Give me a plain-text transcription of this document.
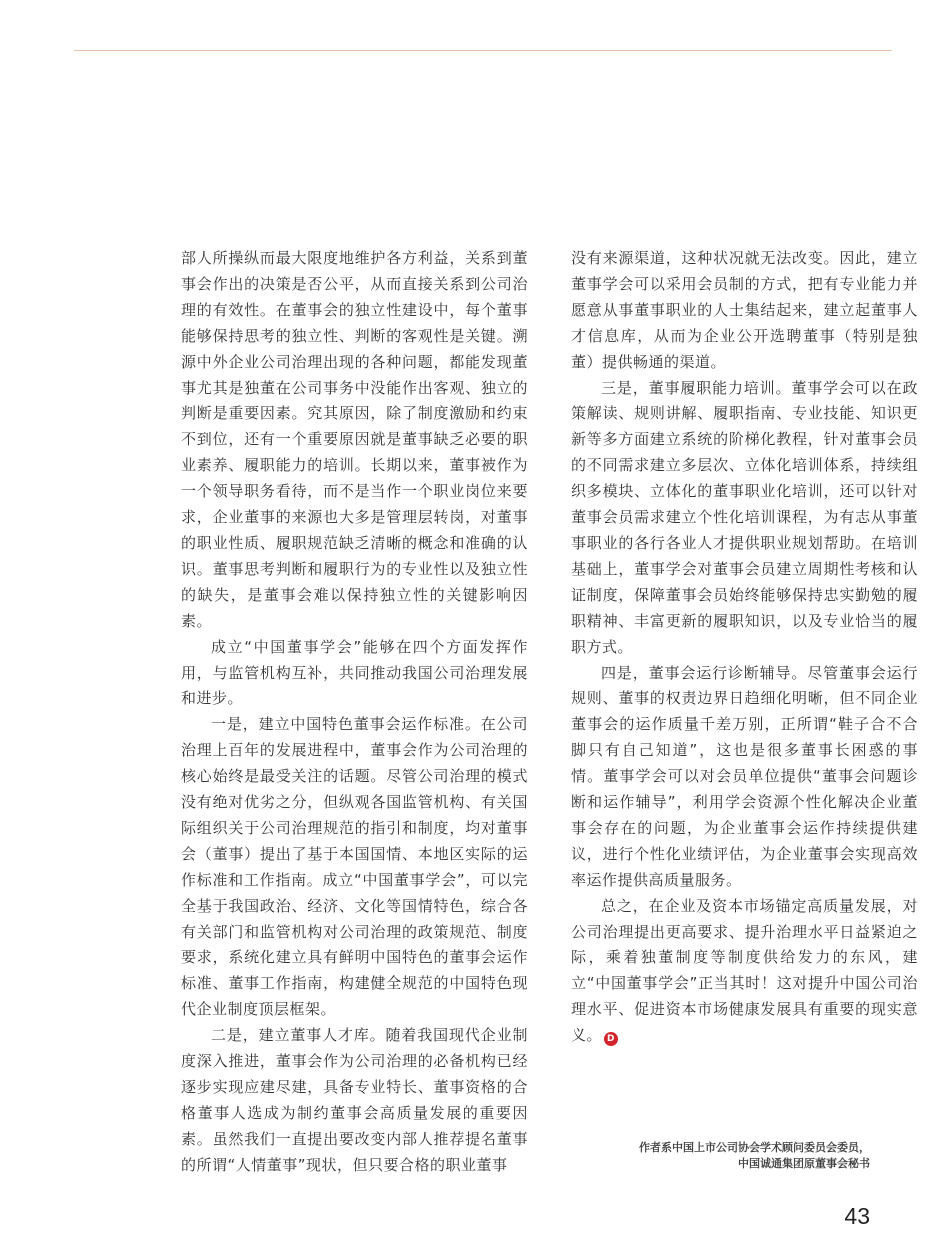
部人所操纵而最大限度地维护各方利益，关系到董事会作出的决策是否公平，从而直接关系到公司治理的有效性。在董事会的独立性建设中，每个董事能够保持思考的独立性、判断的客观性是关键。溯源中外企业公司治理出现的各种问题，都能发现董事尤其是独董在公司事务中没能作出客观、独立的判断是重要因素。究其原因，除了制度激励和约束不到位，还有一个重要原因就是董事缺乏必要的职业素养、履职能力的培训。长期以来，董事被作为一个领导职务看待，而不是当作一个职业岗位来要求，企业董事的来源也大多是管理层转岗，对董事的职业性质、履职规范缺乏清晰的概念和准确的认识。董事思考判断和履职行为的专业性以及独立性的缺失，是董事会难以保持独立性的关键影响因素。

成立“中国董事学会”能够在四个方面发挥作用，与监管机构互补，共同推动我国公司治理发展和进步。

一是，建立中国特色董事会运作标准。在公司治理上百年的发展进程中，董事会作为公司治理的核心始终是最受关注的话题。尽管公司治理的模式没有绝对优劣之分，但纵观各国监管机构、有关国际组织关于公司治理规范的指引和制度，均对董事会（董事）提出了基于本国国情、本地区实际的运作标准和工作指南。成立“中国董事学会”，可以完全基于我国政治、经济、文化等国情特色，综合各有关部门和监管机构对公司治理的政策规范、制度要求，系统化建立具有鲜明中国特色的董事会运作标准、董事工作指南，构建健全规范的中国特色现代企业制度顶层框架。

二是，建立董事人才库。随着我国现代企业制度深入推进，董事会作为公司治理的必备机构已经逐步实现应建尽建，具备专业特长、董事资格的合格董事人选成为制约董事会高质量发展的重要因素。虽然我们一直提出要改变内部人推荐提名董事的所谓“人情董事”现状，但只要合格的职业董事

没有来源渠道，这种状况就无法改变。因此，建立董事学会可以采用会员制的方式，把有专业能力并愿意从事董事职业的人士集结起来，建立起董事人才信息库，从而为企业公开选聘董事（特别是独董）提供畅通的渠道。

三是，董事履职能力培训。董事学会可以在政策解读、规则讲解、履职指南、专业技能、知识更新等多方面建立系统的阶梯化教程，针对董事会员的不同需求建立多层次、立体化培训体系，持续组织多模块、立体化的董事职业化培训，还可以针对董事会员需求建立个性化培训课程，为有志从事董事职业的各行各业人才提供职业规划帮助。在培训基础上，董事学会对董事会员建立周期性考核和认证制度，保障董事会员始终能够保持忠实勤勉的履职精神、丰富更新的履职知识，以及专业恰当的履职方式。

四是，董事会运行诊断辅导。尽管董事会运行规则、董事的权责边界日趋细化明晰，但不同企业董事会的运作质量千差万别，正所谓“鞋子合不合脚只有自己知道”，这也是很多董事长困惑的事情。董事学会可以对会员单位提供“董事会问题诊断和运作辅导”，利用学会资源个性化解决企业董事会存在的问题，为企业董事会运作持续提供建议，进行个性化业绩评估，为企业董事会实现高效率运作提供高质量服务。

总之，在企业及资本市场锚定高质量发展，对公司治理提出更高要求、提升治理水平日益紧迫之际，乘着独董制度等制度供给发力的东风，建立“中国董事学会”正当其时！这对提升中国公司治理水平、促进资本市场健康发展具有重要的现实意义。 D

作者系中国上市公司协会学术顾问委员会委员，
中国诚通集团原董事会秘书
43
